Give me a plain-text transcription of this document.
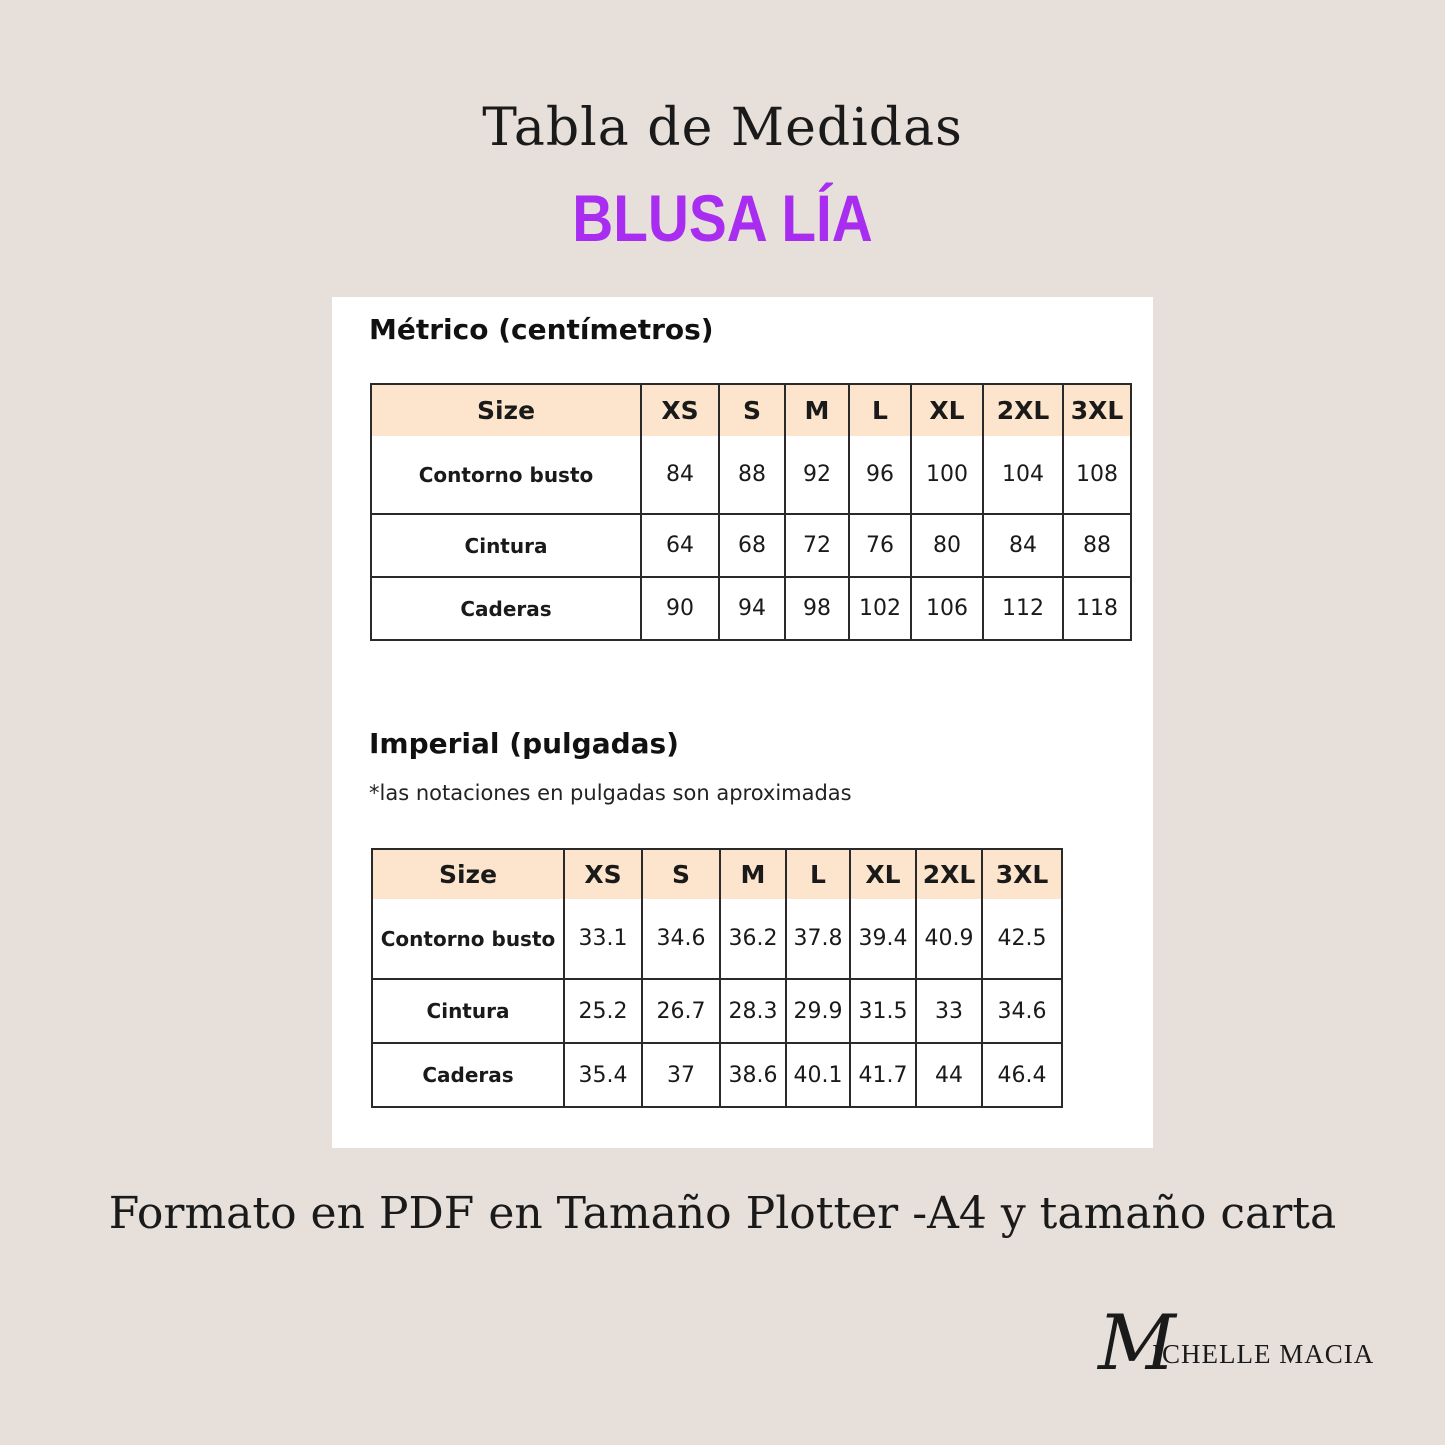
Tabla de Medidas
BLUSA LÍA
Métrico (centímetros)
Size	XS	S	M	L	XL	2XL	3XL
Contorno busto	84	88	92	96	100	104	108
Cintura	64	68	72	76	80	84	88
Caderas	90	94	98	102	106	112	118
Imperial (pulgadas)
*las notaciones en pulgadas son aproximadas
Size	XS	S	M	L	XL	2XL	3XL
Contorno busto	33.1	34.6	36.2	37.8	39.4	40.9	42.5
Cintura	25.2	26.7	28.3	29.9	31.5	33	34.6
Caderas	35.4	37	38.6	40.1	41.7	44	46.4
Formato en PDF en Tamaño Plotter -A4 y tamaño carta
M
ICHELLE MACIA
